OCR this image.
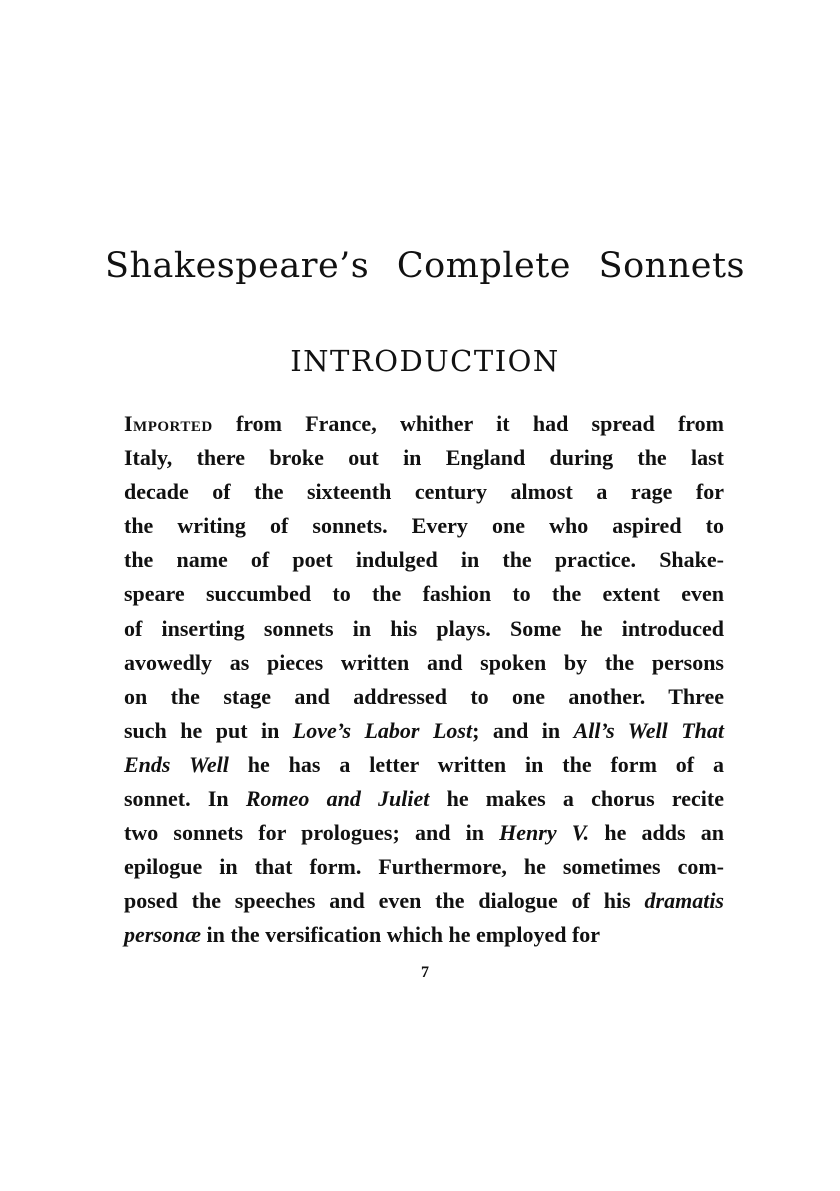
Shakespeare’s Complete Sonnets
INTRODUCTION
Imported from France, whither it had spread from
Italy, there broke out in England during the last
decade of the sixteenth century almost a rage for
the writing of sonnets. Every one who aspired to
the name of poet indulged in the practice. Shake-
speare succumbed to the fashion to the extent even
of inserting sonnets in his plays. Some he introduced
avowedly as pieces written and spoken by the persons
on the stage and addressed to one another. Three
such he put in Love’s Labor Lost; and in All’s Well That
Ends Well he has a letter written in the form of a
sonnet. In Romeo and Juliet he makes a chorus recite
two sonnets for prologues; and in Henry V. he adds an
epilogue in that form. Furthermore, he sometimes com-
posed the speeches and even the dialogue of his dramatis
personæ in the versification which he employed for
7
